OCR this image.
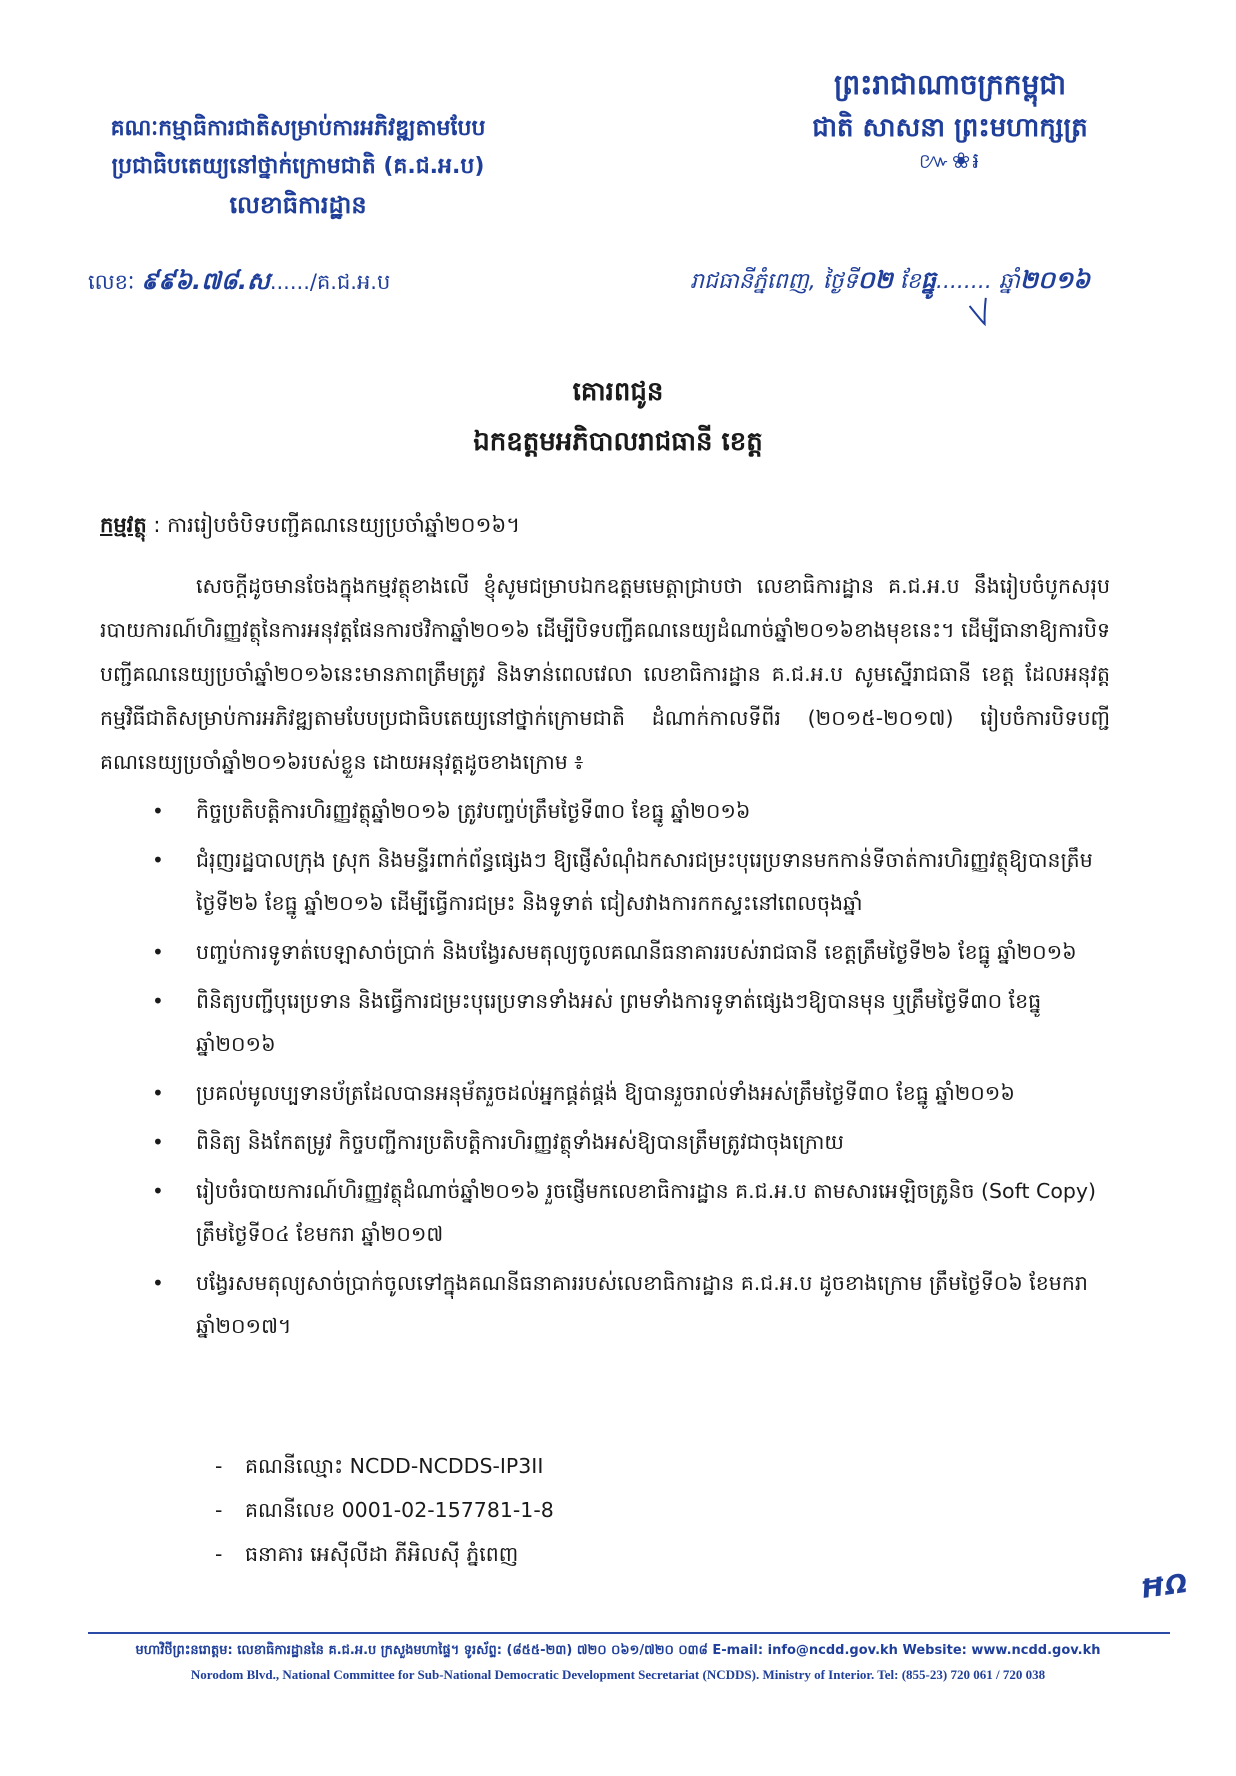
គណៈកម្មាធិការជាតិសម្រាប់ការអភិវឌ្ឍតាមបែប
ប្រជាធិបតេយ្យនៅថ្នាក់ក្រោមជាតិ (គ.ជ.អ.ប)
លេខាធិការដ្ឋាន
ព្រះរាជាណាចក្រកម្ពុជា
ជាតិ សាសនា ព្រះមហាក្សត្រ
៚❀៛
លេខៈ ៩៩៦.៧៨.ស....../គ.ជ.អ.ប	រាជធានីភ្នំពេញ, ថ្ងៃទី០២ ខែធ្នូ........ ឆ្នាំ២០១៦
គោរពជូន
ឯកឧត្តមអភិបាលរាជធានី ខេត្ត
កម្មវត្ថុ : ការរៀបចំបិទបញ្ជីគណនេយ្យប្រចាំឆ្នាំ២០១៦។
សេចក្តីដូចមានចែងក្នុងកម្មវត្ថុខាងលើ ខ្ញុំសូមជម្រាបឯកឧត្តមមេត្តាជ្រាបថា លេខាធិការដ្ឋាន គ.ជ.អ.ប នឹងរៀបចំបូកសរុបរបាយការណ៍ហិរញ្ញវត្ថុនៃការអនុវត្តផែនការថវិកាឆ្នាំ២០១៦ ដើម្បីបិទបញ្ជីគណនេយ្យដំណាច់ឆ្នាំ២០១៦ខាងមុខនេះ។ ដើម្បីធានាឱ្យការបិទបញ្ជីគណនេយ្យប្រចាំឆ្នាំ២០១៦នេះមានភាពត្រឹមត្រូវ និងទាន់ពេលវេលា លេខាធិការដ្ឋាន គ.ជ.អ.ប សូមស្នើរាជធានី ខេត្ត ដែលអនុវត្តកម្មវិធីជាតិសម្រាប់ការអភិវឌ្ឍតាមបែបប្រជាធិបតេយ្យនៅថ្នាក់ក្រោមជាតិ ដំណាក់កាលទីពីរ (២០១៥-២០១៧) រៀបចំការបិទបញ្ជីគណនេយ្យប្រចាំឆ្នាំ២០១៦របស់ខ្លួន ដោយអនុវត្តដូចខាងក្រោម ៖
• កិច្ចប្រតិបត្តិការហិរញ្ញវត្ថុឆ្នាំ២០១៦ ត្រូវបញ្ចប់ត្រឹមថ្ងៃទី៣០ ខែធ្នូ ឆ្នាំ២០១៦
• ជំរុញរដ្ឋបាលក្រុង ស្រុក និងមន្ទីរពាក់ព័ន្ធផ្សេងៗ ឱ្យផ្ញើសំណុំឯកសារជម្រះបុរេប្រទានមកកាន់ទីចាត់ការហិរញ្ញវត្ថុឱ្យបានត្រឹមថ្ងៃទី២៦ ខែធ្នូ ឆ្នាំ២០១៦ ដើម្បីធ្វើការជម្រះ និងទូទាត់ ជៀសវាងការកកស្ទះនៅពេលចុងឆ្នាំ
• បញ្ចប់ការទូទាត់បេឡាសាច់ប្រាក់ និងបង្វែរសមតុល្យចូលគណនីធនាគាររបស់រាជធានី ខេត្តត្រឹមថ្ងៃទី២៦ ខែធ្នូ ឆ្នាំ២០១៦
• ពិនិត្យបញ្ជីបុរេប្រទាន និងធ្វើការជម្រះបុរេប្រទានទាំងអស់ ព្រមទាំងការទូទាត់ផ្សេងៗឱ្យបានមុន ឬត្រឹមថ្ងៃទី៣០ ខែធ្នូ ឆ្នាំ២០១៦
• ប្រគល់មូលប្បទានប័ត្រដែលបានអនុម័តរួចដល់អ្នកផ្គត់ផ្គង់ ឱ្យបានរួចរាល់ទាំងអស់ត្រឹមថ្ងៃទី៣០ ខែធ្នូ ឆ្នាំ២០១៦
• ពិនិត្យ និងកែតម្រូវ កិច្ចបញ្ជីការប្រតិបត្តិការហិរញ្ញវត្ថុទាំងអស់ឱ្យបានត្រឹមត្រូវជាចុងក្រោយ
• រៀបចំរបាយការណ៍ហិរញ្ញវត្ថុដំណាច់ឆ្នាំ២០១៦ រួចផ្ញើមកលេខាធិការដ្ឋាន គ.ជ.អ.ប តាមសារអេឡិចត្រូនិច (Soft Copy) ត្រឹមថ្ងៃទី០៤ ខែមករា ឆ្នាំ២០១៧
• បង្វែរសមតុល្យសាច់ប្រាក់ចូលទៅក្នុងគណនីធនាគាររបស់លេខាធិការដ្ឋាន គ.ជ.អ.ប ដូចខាងក្រោម ត្រឹមថ្ងៃទី០៦ ខែមករា ឆ្នាំ២០១៧។
- គណនីឈ្មោះ NCDD-NCDDS-IP3II
- គណនីលេខ 0001-02-157781-1-8
- ធនាគារ អេស៊ីលីដា ភីអិលស៊ី ភ្នំពេញ
ĦΩ
មហាវិថីព្រះនរោត្តម: លេខាធិការដ្ឋាននៃ គ.ជ.អ.ប ក្រសួងមហាផ្ទៃ។ ទូរស័ព្ទ: (៨៥៥-២៣) ៧២០ ០៦១/៧២០ ០៣៨ E-mail: info@ncdd.gov.kh Website: www.ncdd.gov.kh
Norodom Blvd., National Committee for Sub-National Democratic Development Secretariat (NCDDS). Ministry of Interior. Tel: (855-23) 720 061 / 720 038
